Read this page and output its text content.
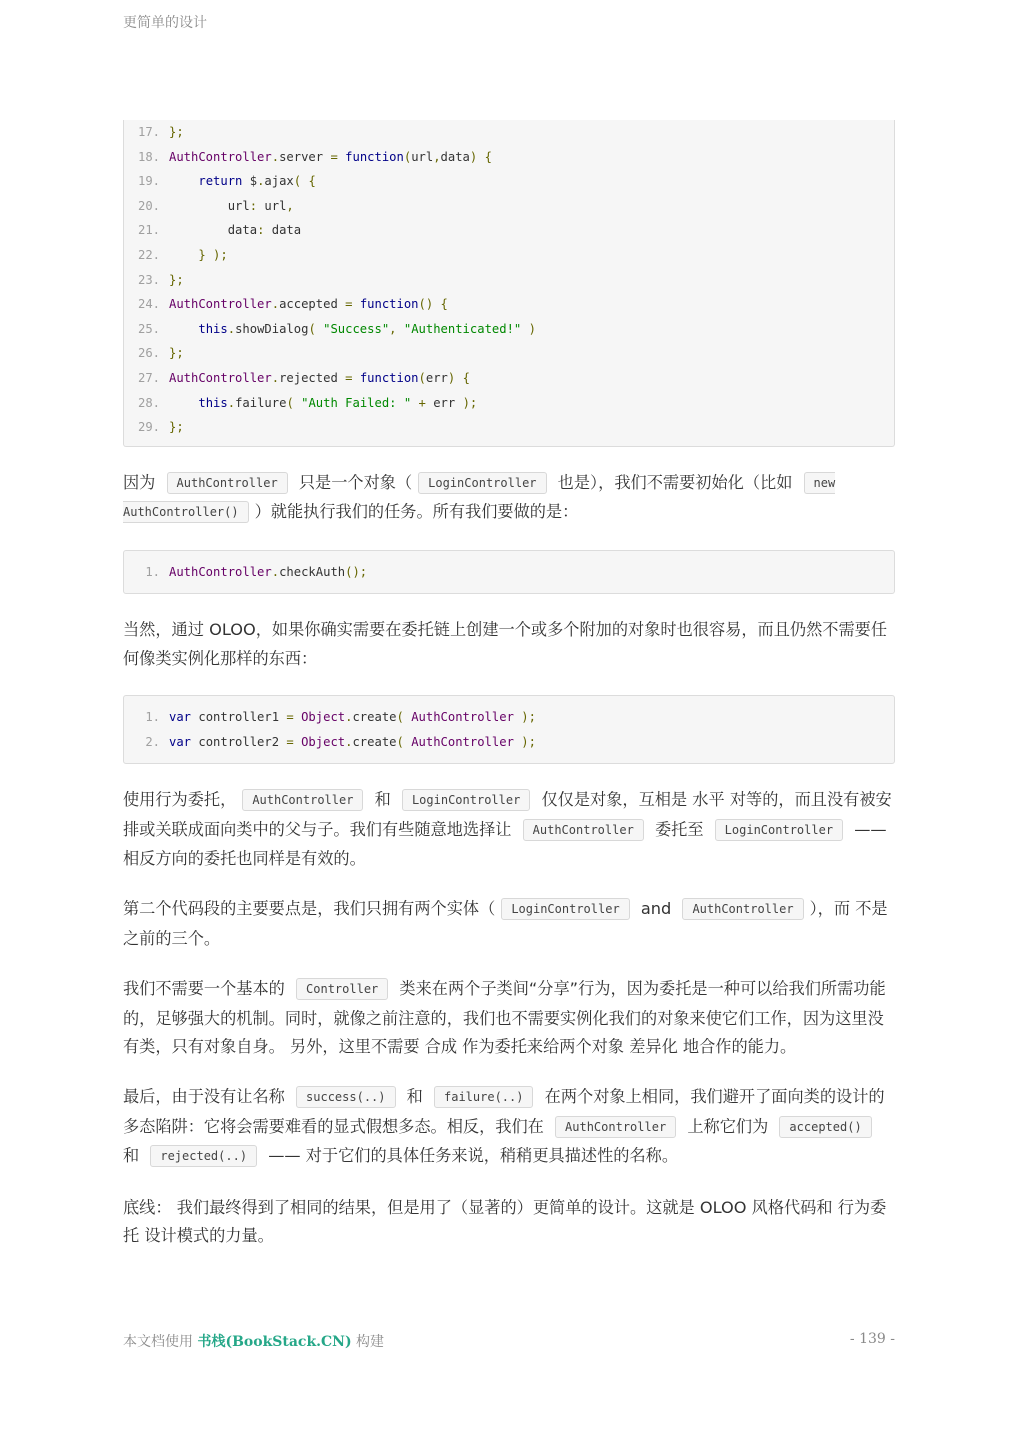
更简单的设计
17. };
18. AuthController.server = function(url,data) {
19.	return $.ajax( {
20.        url: url,
21.        data: data
22.	} );
23. };
24. AuthController.accepted = function() {
25.	this.showDialog( "Success", "Authenticated!" )
26. };
27. AuthController.rejected = function(err) {
28.	this.failure( "Auth Failed: " + err );
29. };

因为 AuthController 只是一个对象（ LoginController 也是），我们不需要初始化（比如 new AuthController() ）就能执行我们的任务。所有我们要做的是：

1. AuthController.checkAuth();

当然，通过 OLOO，如果你确实需要在委托链上创建一个或多个附加的对象时也很容易，而且仍然不需要任何像类实例化那样的东西：

1. var controller1 = Object.create( AuthController );
2. var controller2 = Object.create( AuthController );

使用行为委托， AuthController 和 LoginController 仅仅是对象，互相是 水平 对等的，而且没有被安排或关联成面向类中的父与子。我们有些随意地选择让 AuthController 委托至 LoginController —— 相反方向的委托也同样是有效的。

第二个代码段的主要要点是，我们只拥有两个实体（ LoginController and AuthController ），而 不是之前的三个。

我们不需要一个基本的 Controller 类来在两个子类间“分享”行为，因为委托是一种可以给我们所需功能的，足够强大的机制。同时，就像之前注意的，我们也不需要实例化我们的对象来使它们工作，因为这里没有类，只有对象自身。 另外，这里不需要 合成 作为委托来给两个对象 差异化 地合作的能力。

最后，由于没有让名称 success(..) 和 failure(..) 在两个对象上相同，我们避开了面向类的设计的多态陷阱：它将会需要难看的显式假想多态。相反，我们在 AuthController 上称它们为 accepted() 和 rejected(..) —— 对于它们的具体任务来说，稍稍更具描述性的名称。

底线： 我们最终得到了相同的结果，但是用了（显著的）更简单的设计。这就是 OLOO 风格代码和 行为委托 设计模式的力量。

本文档使用 书栈(BookStack.CN) 构建	- 139 -
